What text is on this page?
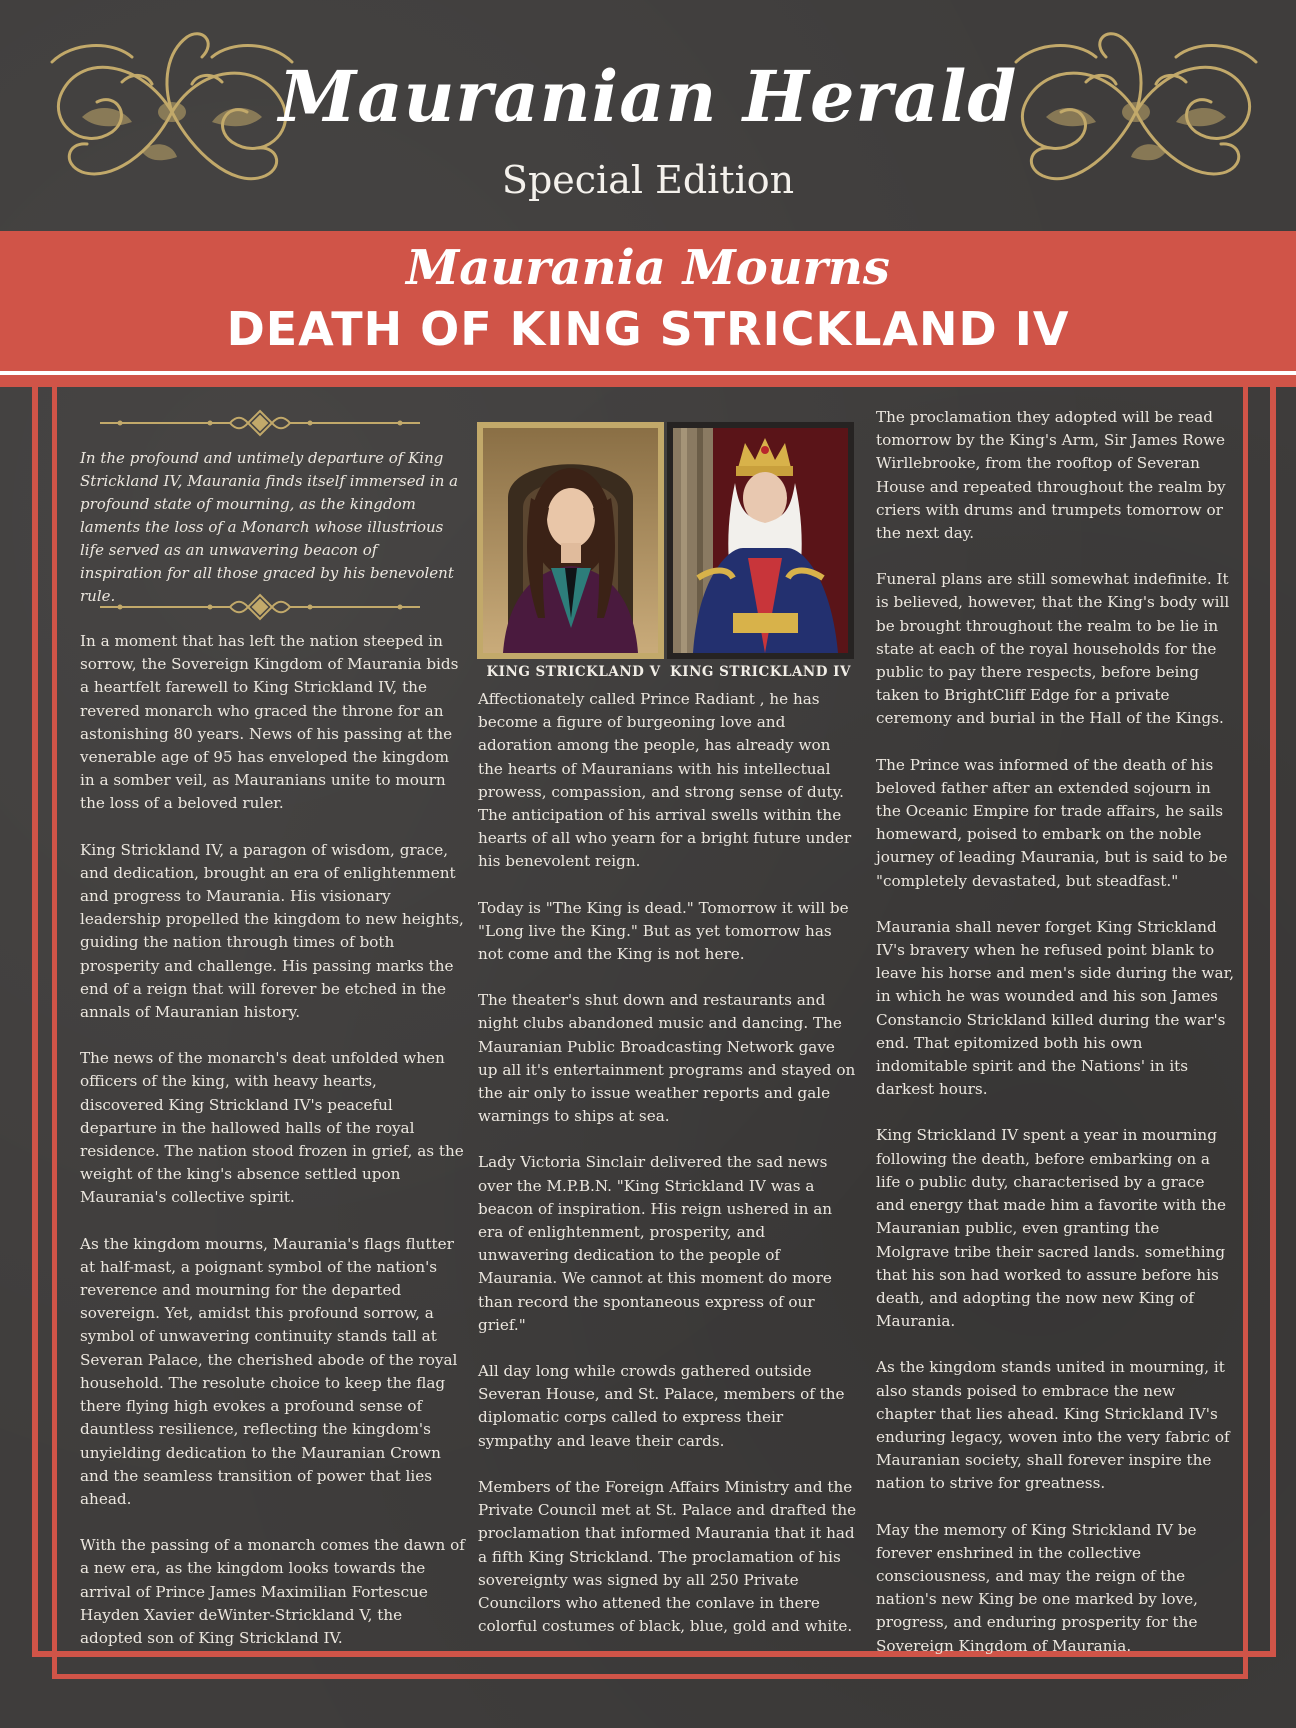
Mauranian Herald
Special Edition
Maurania Mourns
DEATH OF KING STRICKLAND IV
In the profound and untimely departure of King Strickland IV, Maurania finds itself immersed in a profound state of mourning, as the kingdom laments the loss of a Monarch whose illustrious life served as an unwavering beacon of inspiration for all those graced by his benevolent rule.

In a moment that has left the nation steeped in sorrow, the Sovereign Kingdom of Maurania bids a heartfelt farewell to King Strickland IV, the revered monarch who graced the throne for an astonishing 80 years. News of his passing at the venerable age of 95 has enveloped the kingdom in a somber veil, as Mauranians unite to mourn the loss of a beloved ruler.

King Strickland IV, a paragon of wisdom, grace, and dedication, brought an era of enlightenment and progress to Maurania. His visionary leadership propelled the kingdom to new heights, guiding the nation through times of both prosperity and challenge. His passing marks the end of a reign that will forever be etched in the annals of Mauranian history.

The news of the monarch's deat unfolded when officers of the king, with heavy hearts, discovered King Strickland IV's peaceful departure in the hallowed halls of the royal residence. The nation stood frozen in grief, as the weight of the king's absence settled upon Maurania's collective spirit.

As the kingdom mourns, Maurania's flags flutter at half-mast, a poignant symbol of the nation's reverence and mourning for the departed sovereign. Yet, amidst this profound sorrow, a symbol of unwavering continuity stands tall at Severan Palace, the cherished abode of the royal household. The resolute choice to keep the flag there flying high evokes a profound sense of dauntless resilience, reflecting the kingdom's unyielding dedication to the Mauranian Crown and the seamless transition of power that lies ahead.

With the passing of a monarch comes the dawn of a new era, as the kingdom looks towards the arrival of Prince James Maximilian Fortescue Hayden Xavier deWinter-Strickland V, the adopted son of King Strickland IV.

KING STRICKLAND V KING STRICKLAND IV

Affectionately called Prince Radiant , he has become a figure of burgeoning love and adoration among the people, has already won the hearts of Mauranians with his intellectual prowess, compassion, and strong sense of duty. The anticipation of his arrival swells within the hearts of all who yearn for a bright future under his benevolent reign.

Today is "The King is dead." Tomorrow it will be "Long live the King." But as yet tomorrow has not come and the King is not here.

The theater's shut down and restaurants and night clubs abandoned music and dancing. The Mauranian Public Broadcasting Network gave up all it's entertainment programs and stayed on the air only to issue weather reports and gale warnings to ships at sea.

Lady Victoria Sinclair delivered the sad news over the M.P.B.N. "King Strickland IV was a beacon of inspiration. His reign ushered in an era of enlightenment, prosperity, and unwavering dedication to the people of Maurania. We cannot at this moment do more than record the spontaneous express of our grief."

All day long while crowds gathered outside Severan House, and St. Palace, members of the diplomatic corps called to express their sympathy and leave their cards.

Members of the Foreign Affairs Ministry and the Private Council met at St. Palace and drafted the proclamation that informed Maurania that it had a fifth King Strickland. The proclamation of his sovereignty was signed by all 250 Private Councilors who attened the conlave in there colorful costumes of black, blue, gold and white.

The proclamation they adopted will be read tomorrow by the King's Arm, Sir James Rowe Wirllebrooke, from the rooftop of Severan House and repeated throughout the realm by criers with drums and trumpets tomorrow or the next day.

Funeral plans are still somewhat indefinite. It is believed, however, that the King's body will be brought throughout the realm to be lie in state at each of the royal households for the public to pay there respects, before being taken to BrightCliff Edge for a private ceremony and burial in the Hall of the Kings.

The Prince was informed of the death of his beloved father after an extended sojourn in the Oceanic Empire for trade affairs, he sails homeward, poised to embark on the noble journey of leading Maurania, but is said to be "completely devastated, but steadfast."

Maurania shall never forget King Strickland IV's bravery when he refused point blank to leave his horse and men's side during the war, in which he was wounded and his son James Constancio Strickland killed during the war's end. That epitomized both his own indomitable spirit and the Nations' in its darkest hours.

King Strickland IV spent a year in mourning following the death, before embarking on a life o public duty, characterised by a grace and energy that made him a favorite with the Mauranian public, even granting the Molgrave tribe their sacred lands. something that his son had worked to assure before his death, and adopting the now new King of Maurania.

As the kingdom stands united in mourning, it also stands poised to embrace the new chapter that lies ahead. King Strickland IV's enduring legacy, woven into the very fabric of Mauranian society, shall forever inspire the nation to strive for greatness.

May the memory of King Strickland IV be forever enshrined in the collective consciousness, and may the reign of the nation's new King be one marked by love, progress, and enduring prosperity for the Sovereign Kingdom of Maurania.
